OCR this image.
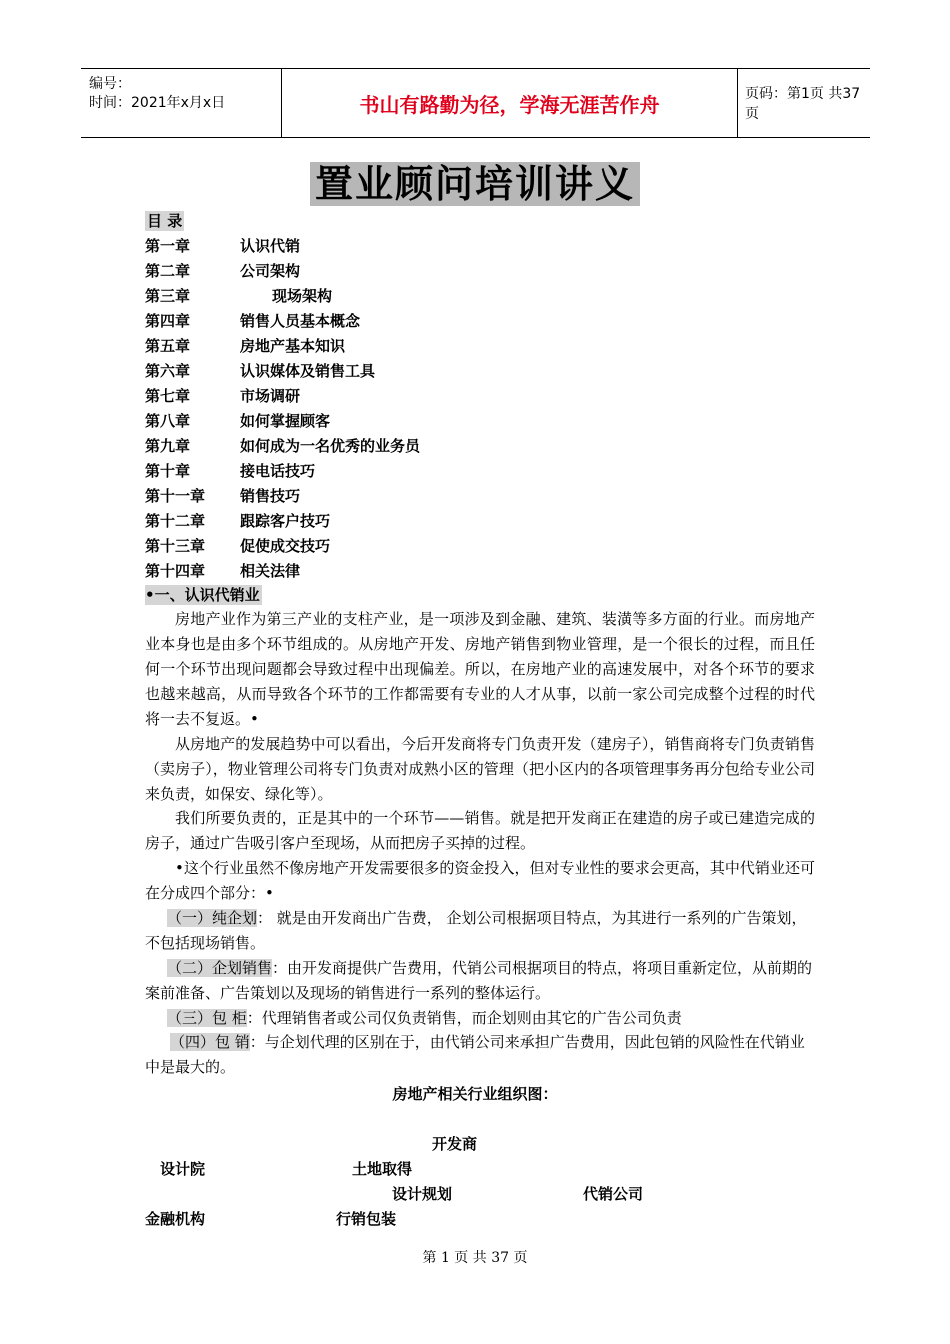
编号：
时间：2021年x月x日	书山有路勤为径，学海无涯苦作舟	页码：第1页 共37页
置业顾问培训讲义
目 录
第一章	认识代销
第二章	公司架构
第三章	现场架构
第四章	销售人员基本概念
第五章	房地产基本知识
第六章	认识媒体及销售工具
第七章	市场调研
第八章	如何掌握顾客
第九章	如何成为一名优秀的业务员
第十章	接电话技巧
第十一章 销售技巧
第十二章 跟踪客户技巧
第十三章 促使成交技巧
第十四章 相关法律
•一、认识代销业

房地产业作为第三产业的支柱产业，是一项涉及到金融、建筑、装潢等多方面的行业。而房地产业本身也是由多个环节组成的。从房地产开发、房地产销售到物业管理，是一个很长的过程，而且任何一个环节出现问题都会导致过程中出现偏差。所以，在房地产业的高速发展中，对各个环节的要求也越来越高，从而导致各个环节的工作都需要有专业的人才从事，以前一家公司完成整个过程的时代将一去不复返。•

从房地产的发展趋势中可以看出，今后开发商将专门负责开发（建房子），销售商将专门负责销售（卖房子），物业管理公司将专门负责对成熟小区的管理（把小区内的各项管理事务再分包给专业公司来负责，如保安、绿化等）。

我们所要负责的，正是其中的一个环节——销售。就是把开发商正在建造的房子或已建造完成的房子，通过广告吸引客户至现场，从而把房子买掉的过程。

•这个行业虽然不像房地产开发需要很多的资金投入，但对专业性的要求会更高，其中代销业还可在分成四个部分：•

（一）纯企划： 就是由开发商出广告费， 企划公司根据项目特点，为其进行一系列的广告策划，不包括现场销售。
（二）企划销售：由开发商提供广告费用，代销公司根据项目的特点，将项目重新定位，从前期的案前准备、广告策划以及现场的销售进行一系列的整体运行。
（三）包 柜：代理销售者或公司仅负责销售，而企划则由其它的广告公司负责
（四）包 销：与企划代理的区别在于，由代销公司来承担广告费用，因此包销的风险性在代销业中是最大的。
房地产相关行业组织图：
开发商
设计院	土地取得
设计规划	代销公司
金融机构	行销包装
第 1 页 共 37 页
